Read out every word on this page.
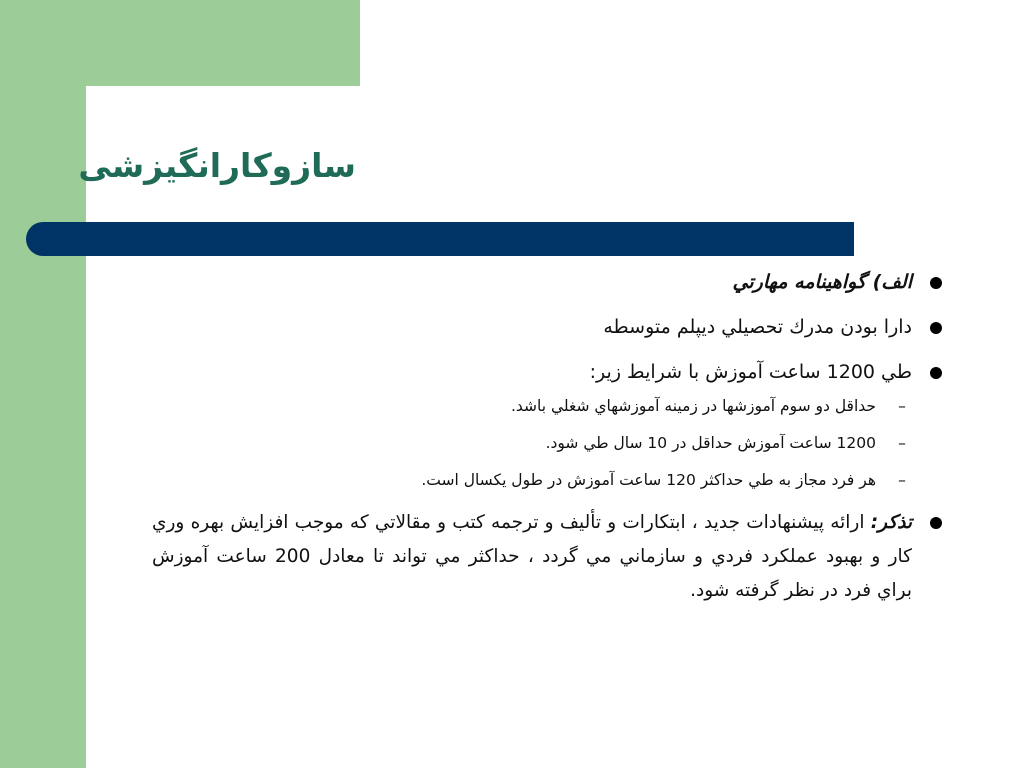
سازوکارانگیزشی
الف) گواهينامه مهارتي
دارا بودن مدرك تحصيلي ديپلم متوسطه
طي 1200 ساعت آموزش با شرايط زير:
–
حداقل دو سوم آموزشها در زمينه آموزشهاي شغلي باشد.
–
1200 ساعت آموزش حداقل در 10 سال طي شود.
–
هر فرد مجاز به طي حداكثر 120 ساعت آموزش در طول يكسال است.
تذكر: ارائه پيشنهادات جديد ، ابتكارات و تأليف و ترجمه كتب و مقالاتي كه موجب افزايش بهره وري كار و بهبود عملكرد فردي و سازماني مي گردد ، حداكثر مي تواند تا معادل 200 ساعت آموزش براي فرد در نظر گرفته شود.
